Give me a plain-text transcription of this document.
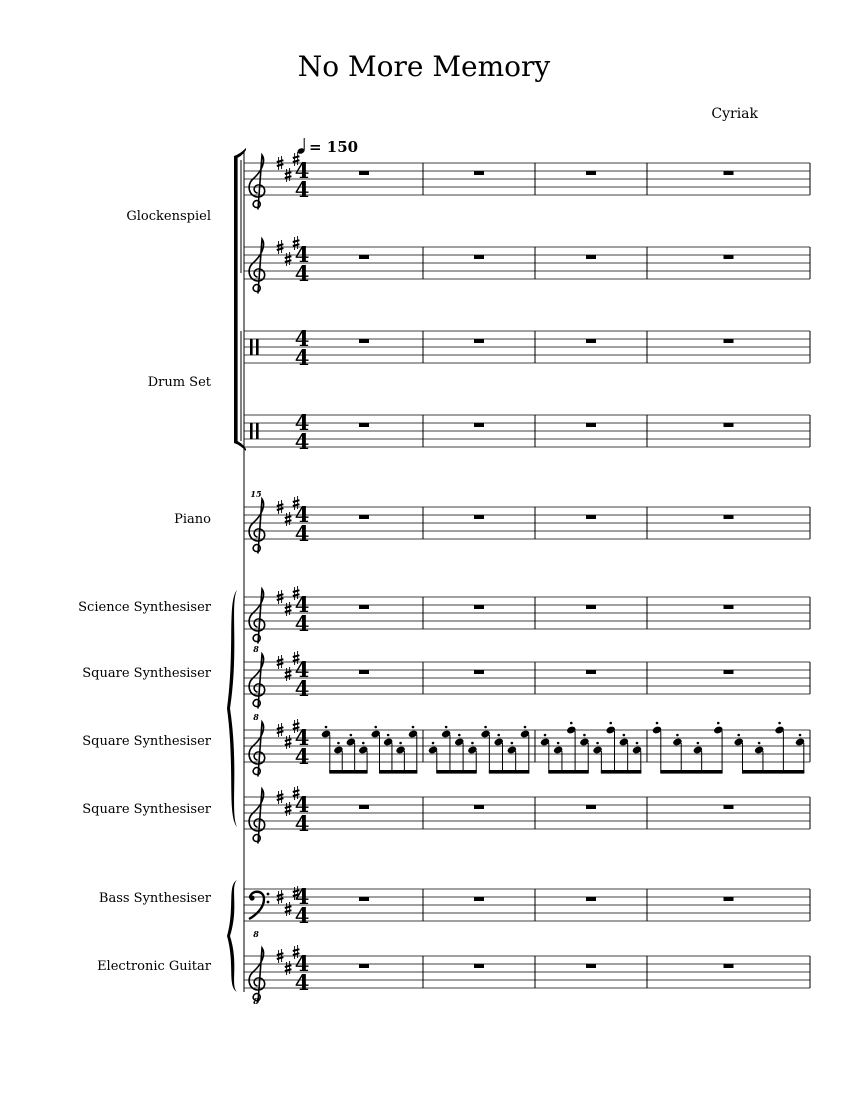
No More Memory
Cyriak
= 150
Glockenspiel
Drum Set
Piano
Science Synthesiser
Square Synthesiser
Square Synthesiser
Square Synthesiser
Bass Synthesiser
Electronic Guitar
4
4
4
4
4
4
4
4
15
4
4
4
4
8
4
4
8
4
4
4
4
8
4
4
8
4
4
